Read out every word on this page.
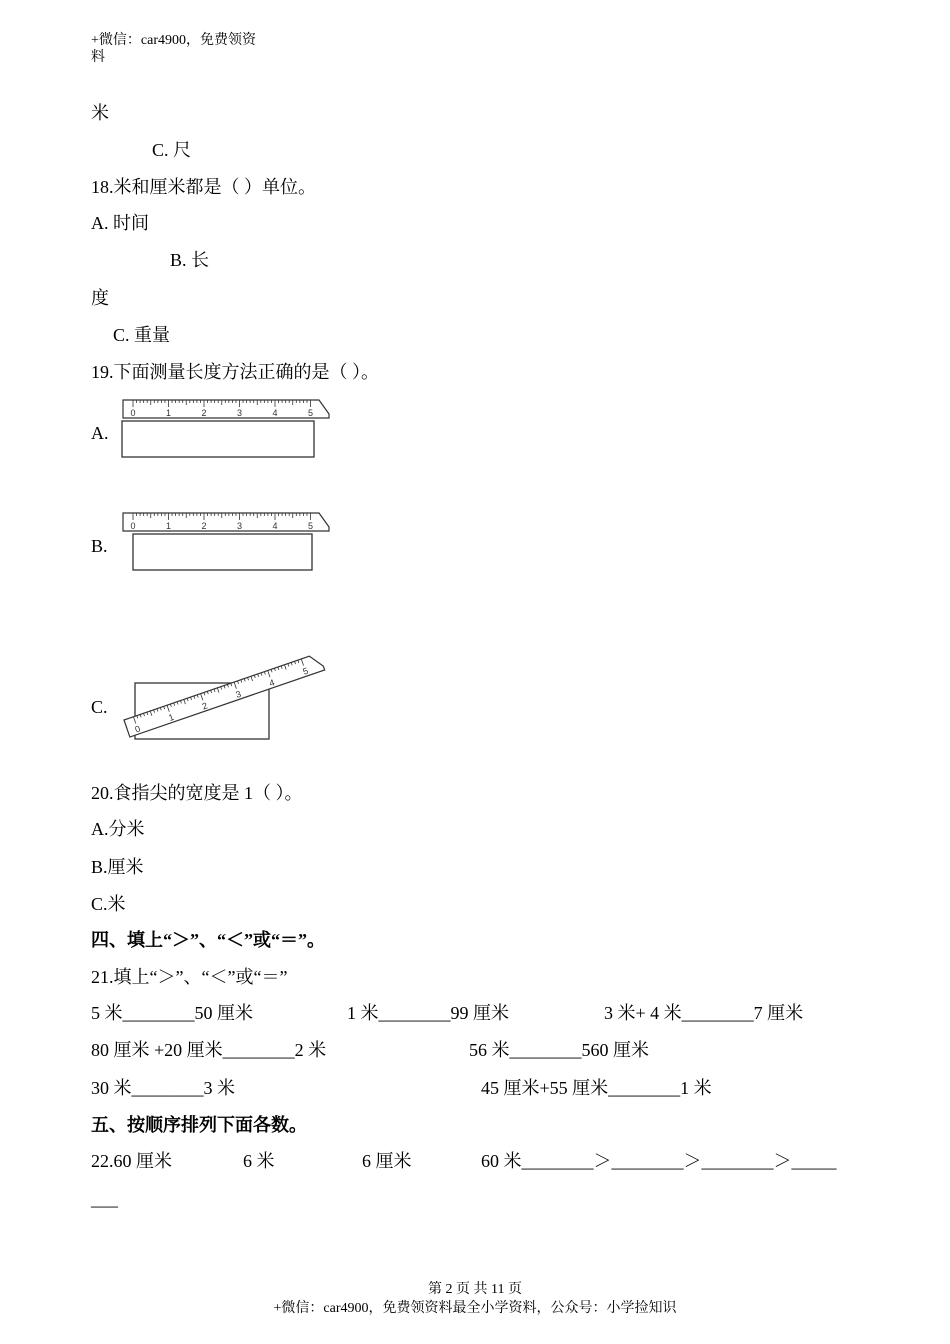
+微信：car4900，免费领资
料
米
C. 尺
18.米和厘米都是（ ）单位。
A. 时间
B. 长
度
C. 重量
19.下面测量长度方法正确的是（ ）。
A.
0	1	2	3	4	5
B.
0	1	2	3	4	5
C.
0
1
2
3
4
5
20.食指尖的宽度是 1（ ）。
A.分米
B.厘米
C.米
四、填上“＞”、“＜”或“＝”。
21.填上“＞”、“＜”或“＝”
5 米________50 厘米	1 米________99 厘米	3 米+ 4 米________7 厘米
80 厘米 +20 厘米________2 米	56 米________560 厘米
30 米________3 米	45 厘米+55 厘米________1 米
五、按顺序排列下面各数。
22.60 厘米	6 米	6 厘米	60 米________＞________＞________＞_____
___
第 2 页 共 11 页
+微信：car4900，免费领资料最全小学资料，公众号：小学捡知识
